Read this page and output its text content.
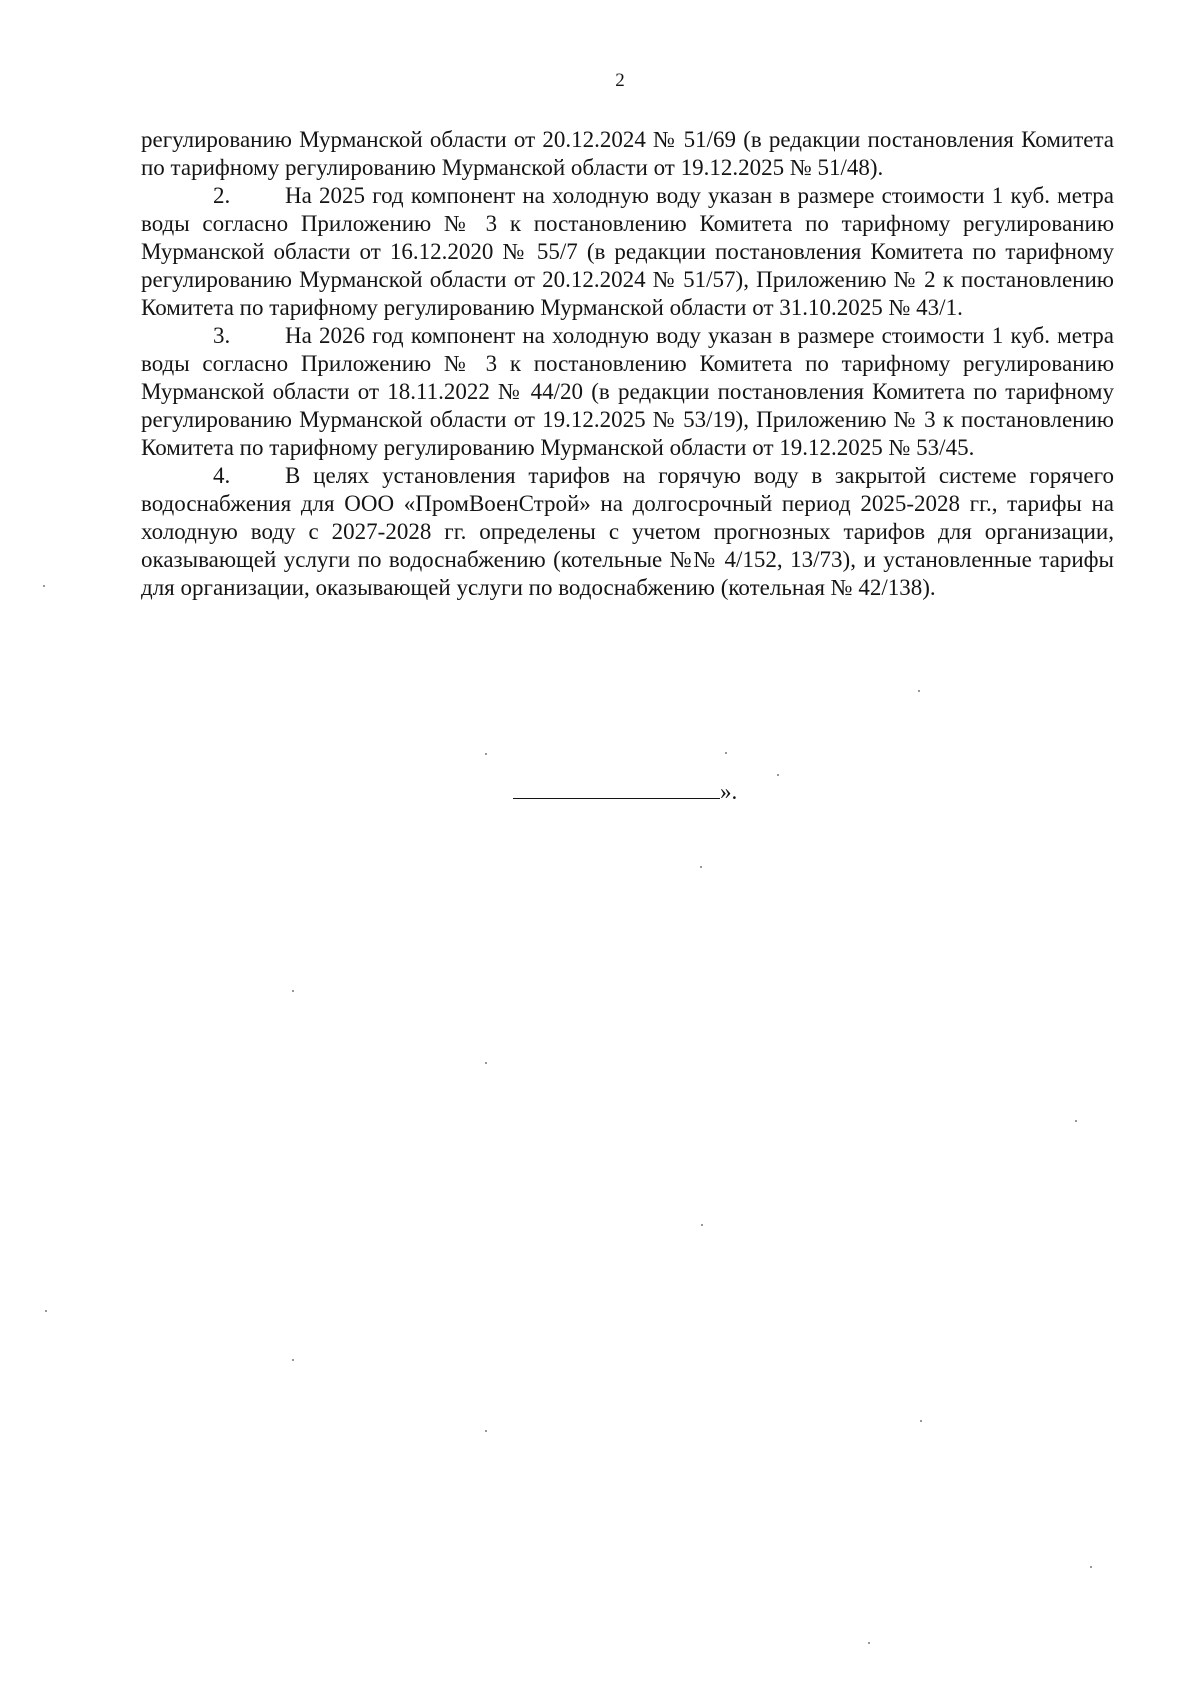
2

регулированию Мурманской области от 20.12.2024 № 51/69 (в редакции постановления Комитета по тарифному регулированию Мурманской области от 19.12.2025 № 51/48).

2. На 2025 год компонент на холодную воду указан в размере стоимости 1 куб. метра воды согласно Приложению № 3 к постановлению Комитета по тарифному регулированию Мурманской области от 16.12.2020 № 55/7 (в редакции постановления Комитета по тарифному регулированию Мурманской области от 20.12.2024 № 51/57), Приложению № 2 к постановлению Комитета по тарифному регулированию Мурманской области от 31.10.2025 № 43/1.

3. На 2026 год компонент на холодную воду указан в размере стоимости 1 куб. метра воды согласно Приложению № 3 к постановлению Комитета по тарифному регулированию Мурманской области от 18.11.2022 № 44/20 (в редакции постановления Комитета по тарифному регулированию Мурманской области от 19.12.2025 № 53/19), Приложению № 3 к постановлению Комитета по тарифному регулированию Мурманской области от 19.12.2025 № 53/45.

4. В целях установления тарифов на горячую воду в закрытой системе горячего водоснабжения для ООО «ПромВоенСтрой» на долгосрочный период 2025-2028 гг., тарифы на холодную воду с 2027-2028 гг. определены с учетом прогнозных тарифов для организации, оказывающей услуги по водоснабжению (котельные №№ 4/152, 13/73), и установленные тарифы для организации, оказывающей услуги по водоснабжению (котельная № 42/138).

».
